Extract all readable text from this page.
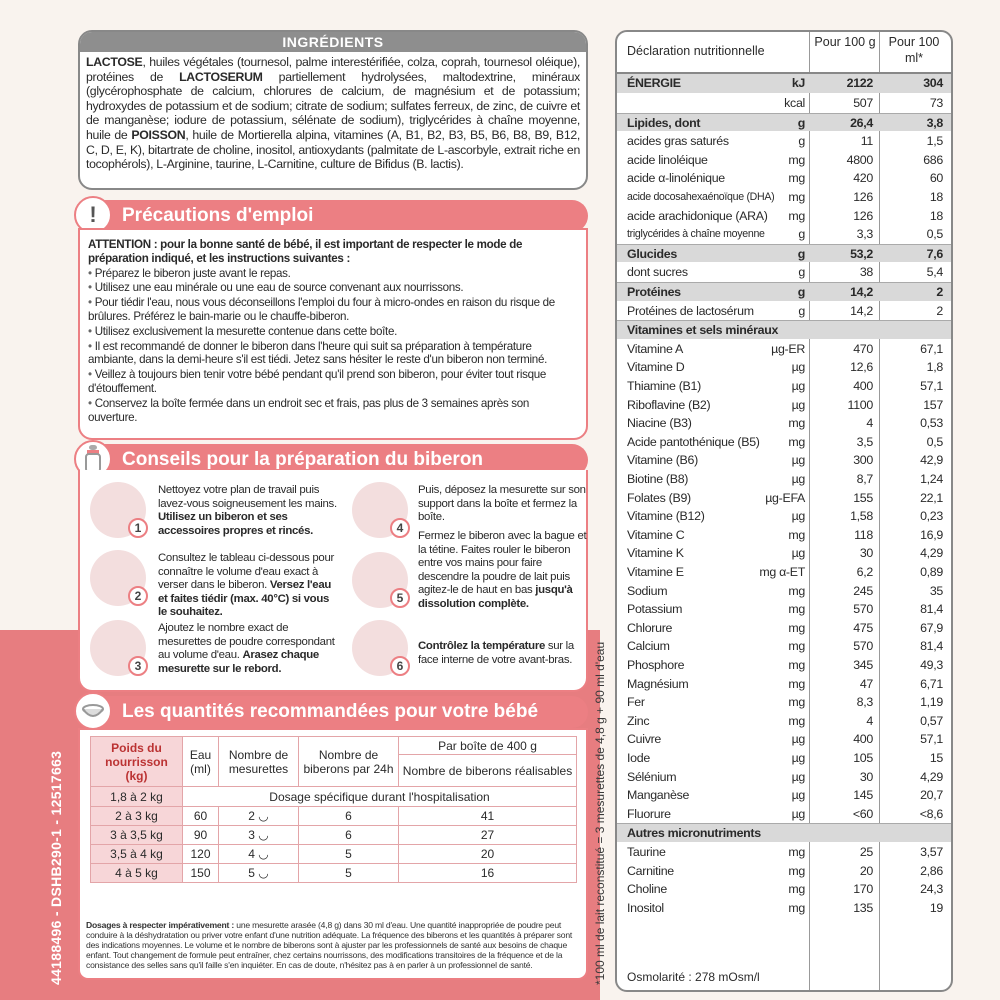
44188496 - DSHB290-1 - 12517663	*100 ml de lait reconstitué = 3 mesurettes de 4,8 g + 90 ml d'eau
INGRÉDIENTS
LACTOSE, huiles végétales (tournesol, palme interestérifiée, colza, coprah, tournesol oléique), protéines de LACTOSERUM partiellement hydrolysées, maltodextrine, minéraux (glycérophosphate de calcium, chlorures de calcium, de magnésium et de potassium; hydroxydes de potassium et de sodium; citrate de sodium; sulfates ferreux, de zinc, de cuivre et de manganèse; iodure de potassium, sélénate de sodium), triglycérides à chaîne moyenne, huile de POISSON, huile de Mortierella alpina, vitamines (A, B1, B2, B3, B5, B6, B8, B9, B12, C, D, E, K), bitartrate de choline, inositol, antioxydants (palmitate de L-ascorbyle, extrait riche en tocophérols), L-Arginine, taurine, L-Carnitine, culture de Bifidus (B. lactis).
Précautions d'emploi
!

ATTENTION : pour la bonne santé de bébé, il est important de respecter le mode de préparation indiqué, et les instructions suivantes :

• Préparez le biberon juste avant le repas.

• Utilisez une eau minérale ou une eau de source convenant aux nourrissons.

• Pour tiédir l'eau, nous vous déconseillons l'emploi du four à micro-ondes en raison du risque de brûlures. Préférez le bain-marie ou le chauffe-biberon.

• Utilisez exclusivement la mesurette contenue dans cette boîte.

• Il est recommandé de donner le biberon dans l'heure qui suit sa préparation à température ambiante, dans la demi-heure s'il est tiédi. Jetez sans hésiter le reste d'un biberon non terminé.

• Veillez à toujours bien tenir votre bébé pendant qu'il prend son biberon, pour éviter tout risque d'étouffement.

• Conservez la boîte fermée dans un endroit sec et frais, pas plus de 3 semaines après son ouverture.

Conseils pour la préparation du biberon
1
Nettoyez votre plan de travail puis lavez-vous soigneusement les mains. Utilisez un biberon et ses accessoires propres et rincés.
2
Consultez le tableau ci-dessous pour connaître le volume d'eau exact à verser dans le biberon. Versez l'eau et faites tiédir (max. 40°C) si vous le souhaitez.
3
Ajoutez le nombre exact de mesurettes de poudre correspondant au volume d'eau. Arasez chaque mesurette sur le rebord.
4
Puis, déposez la mesurette sur son support dans la boîte et fermez la boîte.
5
Fermez le biberon avec la bague et la tétine. Faites rouler le biberon entre vos mains pour faire descendre la poudre de lait puis agitez-le de haut en bas jusqu'à dissolution complète.
6
Contrôlez la température sur la face interne de votre avant-bras.
Les quantités recommandées pour votre bébé
Poids du nourrisson (kg)	Eau (ml)	Nombre de mesurettes	Nombre de biberons par 24h	Par boîte de 400 g
				Nombre de biberons réalisables
1,8 à 2 kg	Dosage spécifique durant l'hospitalisation			
2 à 3 kg	60	2 ◡	6	41
3 à 3,5 kg	90	3 ◡	6	27
3,5 à 4 kg	120	4 ◡	5	20
4 à 5 kg	150	5 ◡	5	16
Dosages à respecter impérativement : une mesurette arasée (4,8 g) dans 30 ml d'eau. Une quantité inappropriée de poudre peut conduire à la déshydratation ou priver votre enfant d'une nutrition adéquate. La fréquence des biberons et les quantités à préparer sont des indications moyennes. Le volume et le nombre de biberons sont à ajuster par les professionnels de santé aux besoins de chaque enfant. Tout changement de formule peut entraîner, chez certains nourrissons, des modifications transitoires de la fréquence et de la consistance des selles sans qu'il faille s'en inquiéter. En cas de doute, n'hésitez pas à en parler à un professionnel de santé.
Déclaration nutritionnelle
Pour 100 g	Pour 100 ml*
ÉNERGIE	kJ	2122	304
kcal	507	73
Lipides, dont	g	26,4	3,8
acides gras saturés	g	11	1,5
acide linoléique	mg	4800	686
acide α-linolénique	mg	420	60
acide docosahexaénoïque (DHA) mg	126	18
acide arachidonique (ARA) mg	126	18
triglycérides à chaîne moyenne	g	3,3	0,5
Glucides	g	53,2	7,6
dont sucres	g	38	5,4
Protéines	g	14,2	2
Protéines de lactosérum	g	14,2	2
Vitamines et sels minéraux
Vitamine A	µg-ER	470	67,1
Vitamine D	µg	12,6	1,8
Thiamine (B1)	µg	400	57,1
Riboflavine (B2)	µg	1100	157
Niacine (B3)	mg	4	0,53
Acide pantothénique (B5) mg	3,5	0,5
Vitamine (B6)	µg	300	42,9
Biotine (B8)	µg	8,7	1,24
Folates (B9)	µg-EFA	155	22,1
Vitamine (B12)	µg	1,58	0,23
Vitamine C	mg	118	16,9
Vitamine K	µg	30	4,29
Vitamine E	mg α-ET	6,2	0,89
Sodium	mg	245	35
Potassium	mg	570	81,4
Chlorure	mg	475	67,9
Calcium	mg	570	81,4
Phosphore	mg	345	49,3
Magnésium	mg	47	6,71
Fer	mg	8,3	1,19
Zinc	mg	4	0,57
Cuivre	µg	400	57,1
Iode	µg	105	15
Sélénium	µg	30	4,29
Manganèse	µg	145	20,7
Fluorure	µg	<60	<8,6
Autres micronutriments
Taurine	mg	25	3,57
Carnitine	mg	20	2,86
Choline	mg	170	24,3
Inositol	mg	135	19
Osmolarité : 278 mOsm/l
